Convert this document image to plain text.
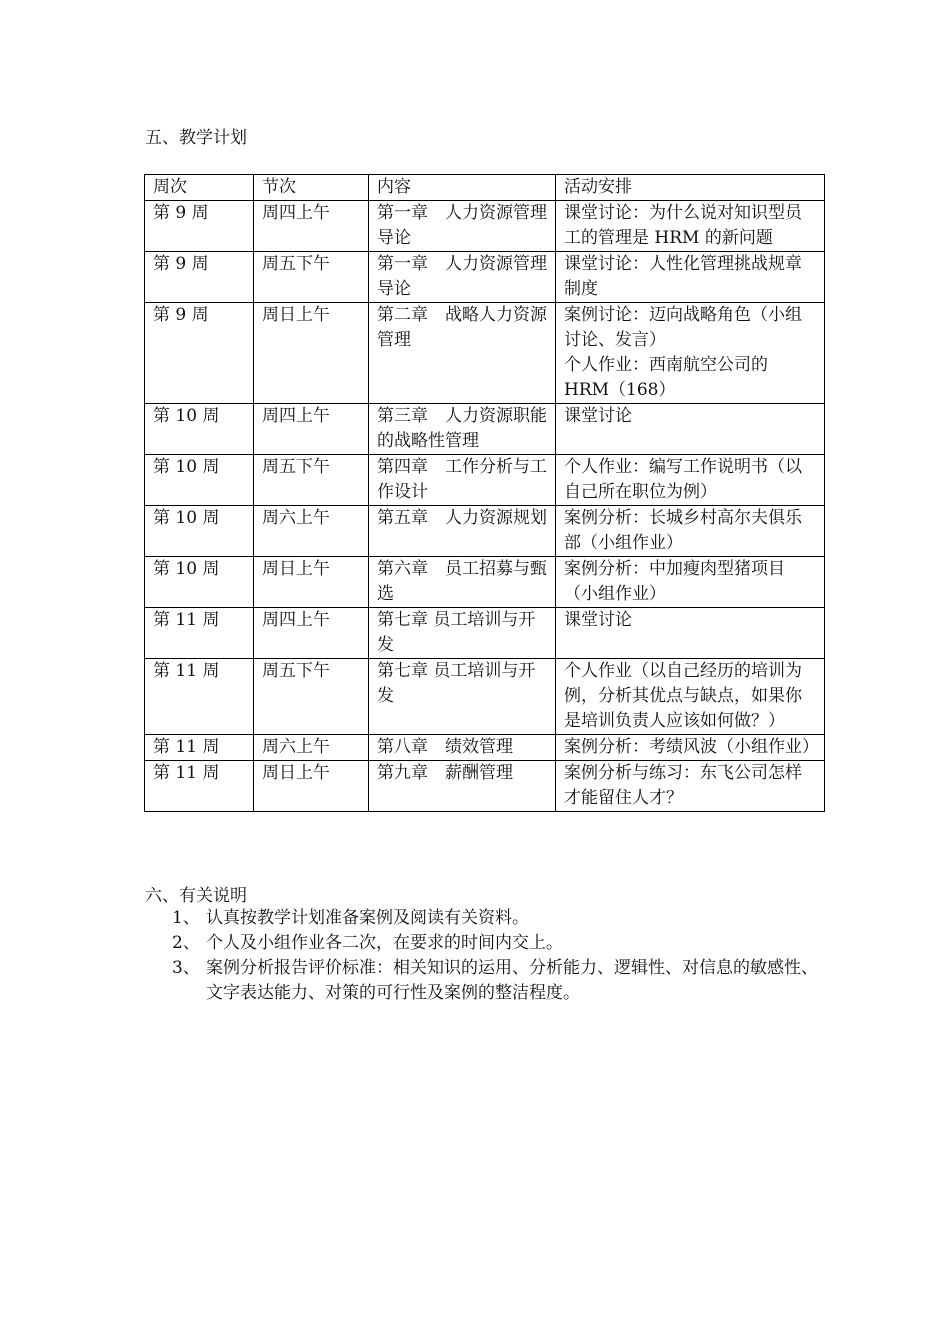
五、教学计划
周次	节次	内容	活动安排
第 9 周	周四上午	第一章　人力资源管理导论	课堂讨论：为什么说对知识型员工的管理是 HRM 的新问题

第 9 周	周五下午	第一章　人力资源管理导论	课堂讨论：人性化管理挑战规章制度

第 9 周	周日上午	第二章　战略人力资源管理	案例讨论：迈向战略角色（小组讨论、发言）
个人作业：西南航空公司的 HRM（168）

第 10 周	周四上午	第三章　人力资源职能的战略性管理	课堂讨论

第 10 周	周五下午	第四章　工作分析与工作设计	个人作业：编写工作说明书（以自己所在职位为例）

第 10 周	周六上午	第五章　人力资源规划	案例分析：长城乡村高尔夫俱乐部（小组作业）

第 10 周	周日上午	第六章　员工招募与甄选	案例分析：中加瘦肉型猪项目（小组作业）

第 11 周	周四上午	第七章 员工培训与开发	课堂讨论

第 11 周	周五下午	第七章 员工培训与开发	个人作业（以自己经历的培训为例，分析其优点与缺点，如果你是培训负责人应该如何做？）

第 11 周	周六上午	第八章　绩效管理	案例分析：考绩风波（小组作业）

第 11 周	周日上午	第九章　薪酬管理	案例分析与练习：东飞公司怎样才能留住人才？
六、有关说明
1、 认真按教学计划准备案例及阅读有关资料。
2、 个人及小组作业各二次，在要求的时间内交上。
3、 案例分析报告评价标准：相关知识的运用、分析能力、逻辑性、对信息的敏感性、文字表达能力、对策的可行性及案例的整洁程度。
